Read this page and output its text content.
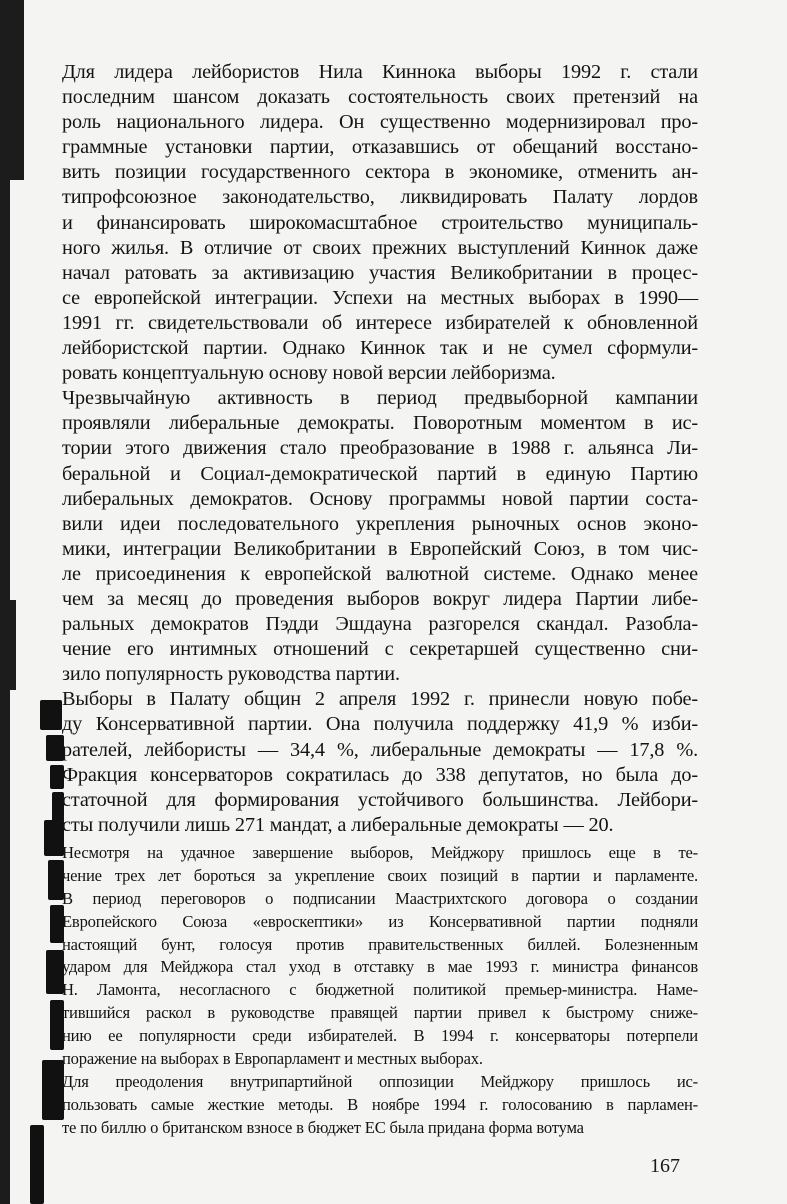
Для лидера лейбористов Нила Киннока выборы 1992 г. стали
последним шансом доказать состоятельность своих претензий на
роль национального лидера. Он существенно модернизировал про-
граммные установки партии, отказавшись от обещаний восстано-
вить позиции государственного сектора в экономике, отменить ан-
типрофсоюзное законодательство, ликвидировать Палату лордов
и финансировать широкомасштабное строительство муниципаль-
ного жилья. В отличие от своих прежних выступлений Киннок даже
начал ратовать за активизацию участия Великобритании в процес-
се европейской интеграции. Успехи на местных выборах в 1990—
1991 гг. свидетельствовали об интересе избирателей к обновленной
лейбористской партии. Однако Киннок так и не сумел сформули-
ровать концептуальную основу новой версии лейборизма.
Чрезвычайную активность в период предвыборной кампании
проявляли либеральные демократы. Поворотным моментом в ис-
тории этого движения стало преобразование в 1988 г. альянса Ли-
беральной и Социал-демократической партий в единую Партию
либеральных демократов. Основу программы новой партии соста-
вили идеи последовательного укрепления рыночных основ эконо-
мики, интеграции Великобритании в Европейский Союз, в том чис-
ле присоединения к европейской валютной системе. Однако менее
чем за месяц до проведения выборов вокруг лидера Партии либе-
ральных демократов Пэдди Эшдауна разгорелся скандал. Разобла-
чение его интимных отношений с секретаршей существенно сни-
зило популярность руководства партии.
Выборы в Палату общин 2 апреля 1992 г. принесли новую побе-
ду Консервативной партии. Она получила поддержку 41,9 % изби-
рателей, лейбористы — 34,4 %, либеральные демократы — 17,8 %.
Фракция консерваторов сократилась до 338 депутатов, но была до-
статочной для формирования устойчивого большинства. Лейбори-
сты получили лишь 271 мандат, а либеральные демократы — 20.
Несмотря на удачное завершение выборов, Мейджору пришлось еще в те-
чение трех лет бороться за укрепление своих позиций в партии и парламенте.
В период переговоров о подписании Маастрихтского договора о создании
Европейского Союза «евроскептики» из Консервативной партии подняли
настоящий бунт, голосуя против правительственных биллей. Болезненным
ударом для Мейджора стал уход в отставку в мае 1993 г. министра финансов
Н. Ламонта, несогласного с бюджетной политикой премьер-министра. Наме-
тившийся раскол в руководстве правящей партии привел к быстрому сниже-
нию ее популярности среди избирателей. В 1994 г. консерваторы потерпели
поражение на выборах в Европарламент и местных выборах.
Для преодоления внутрипартийной оппозиции Мейджору пришлось ис-
пользовать самые жесткие методы. В ноябре 1994 г. голосованию в парламен-
те по биллю о британском взносе в бюджет ЕС была придана форма вотума
167
